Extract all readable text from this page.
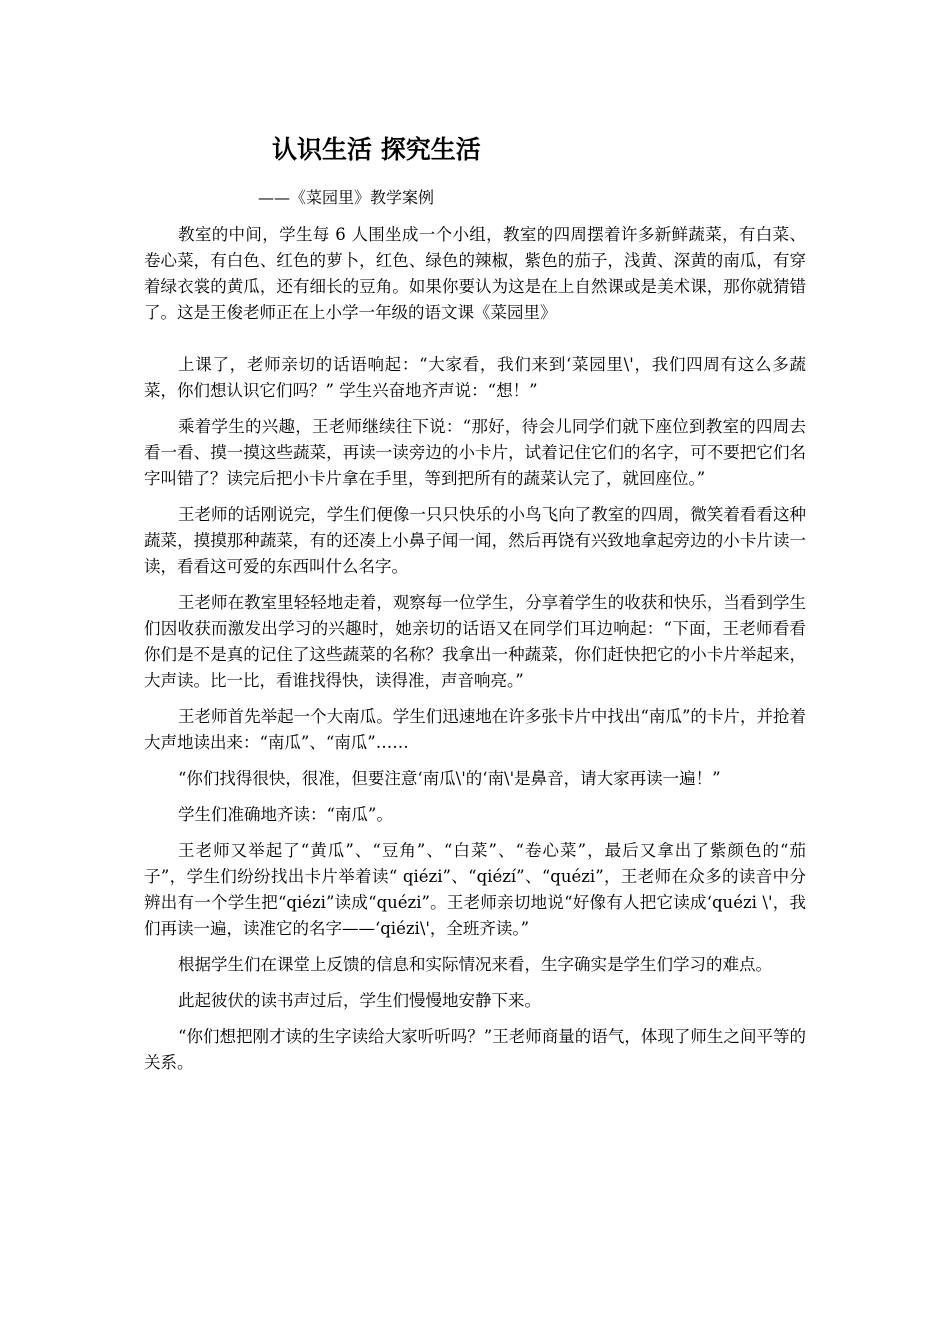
认识生活 探究生活
——《菜园里》教学案例

教室的中间，学生每 6 人围坐成一个小组，教室的四周摆着许多新鲜蔬菜，有白菜、卷心菜，有白色、红色的萝卜，红色、绿色的辣椒，紫色的茄子，浅黄、深黄的南瓜，有穿着绿衣裳的黄瓜，还有细长的豆角。如果你要认为这是在上自然课或是美术课，那你就猜错了。这是王俊老师正在上小学一年级的语文课《菜园里》

上课了，老师亲切的话语响起：“大家看，我们来到‘菜园里\'，我们四周有这么多蔬菜，你们想认识它们吗？” 学生兴奋地齐声说：“想！”

乘着学生的兴趣，王老师继续往下说：“那好，待会儿同学们就下座位到教室的四周去看一看、摸一摸这些蔬菜，再读一读旁边的小卡片，试着记住它们的名字，可不要把它们名字叫错了？读完后把小卡片拿在手里，等到把所有的蔬菜认完了，就回座位。”

王老师的话刚说完，学生们便像一只只快乐的小鸟飞向了教室的四周，微笑着看看这种蔬菜，摸摸那种蔬菜，有的还凑上小鼻子闻一闻，然后再饶有兴致地拿起旁边的小卡片读一读，看看这可爱的东西叫什么名字。

王老师在教室里轻轻地走着，观察每一位学生，分享着学生的收获和快乐，当看到学生们因收获而激发出学习的兴趣时，她亲切的话语又在同学们耳边响起：“下面，王老师看看你们是不是真的记住了这些蔬菜的名称？我拿出一种蔬菜，你们赶快把它的小卡片举起来，大声读。比一比，看谁找得快，读得准，声音响亮。”

王老师首先举起一个大南瓜。学生们迅速地在许多张卡片中找出“南瓜”的卡片，并抢着大声地读出来：“南瓜”、“南瓜”……

“你们找得很快，很准，但要注意‘南瓜\'的‘南\'是鼻音，请大家再读一遍！”

学生们准确地齐读：“南瓜”。

王老师又举起了“黄瓜”、“豆角”、“白菜”、“卷心菜”，最后又拿出了紫颜色的“茄子”，学生们纷纷找出卡片举着读“ qiézi”、“qiézí”、“quézi”，王老师在众多的读音中分辨出有一个学生把“qiézi”读成“quézi”。王老师亲切地说“好像有人把它读成‘quézi \'，我们再读一遍，读准它的名字——‘qiézi\'，全班齐读。”

根据学生们在课堂上反馈的信息和实际情况来看，生字确实是学生们学习的难点。

此起彼伏的读书声过后，学生们慢慢地安静下来。

“你们想把刚才读的生字读给大家听听吗？”王老师商量的语气，体现了师生之间平等的关系。
